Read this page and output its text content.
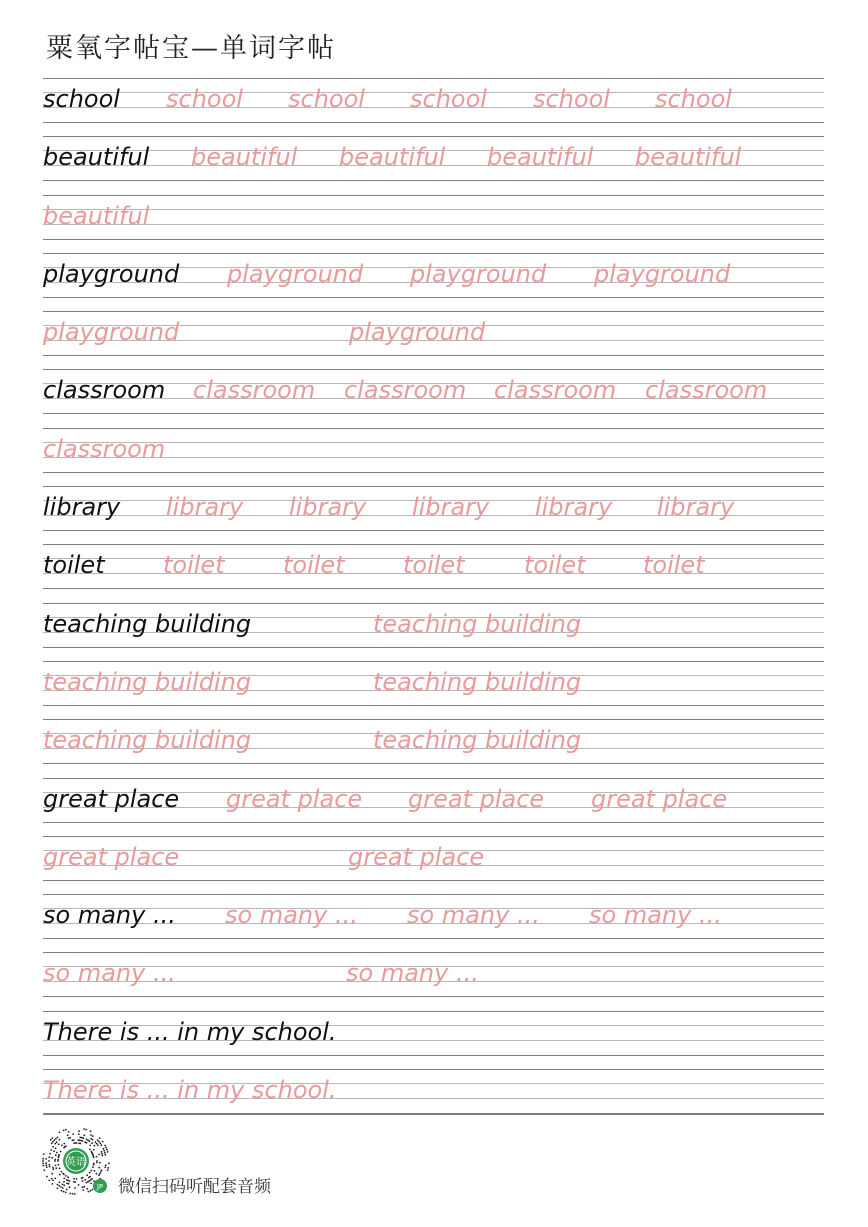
粟氧字帖宝—单词字帖
school school school school school school
beautiful beautiful beautiful beautiful beautiful
beautiful
playground playground playground playground
playground	playground
classroom classroom classroom classroom classroom
classroom
library library library library library library
toilet toilet toilet toilet toilet toilet
teaching building	teaching building
teaching building	teaching building
teaching building	teaching building
great place great place great place great place
great place	great place
so many ... so many ... so many ... so many ...
so many ...	so many ...
There is ... in my school.
There is ... in my school.
英语
JP 微信扫码听配套音频
